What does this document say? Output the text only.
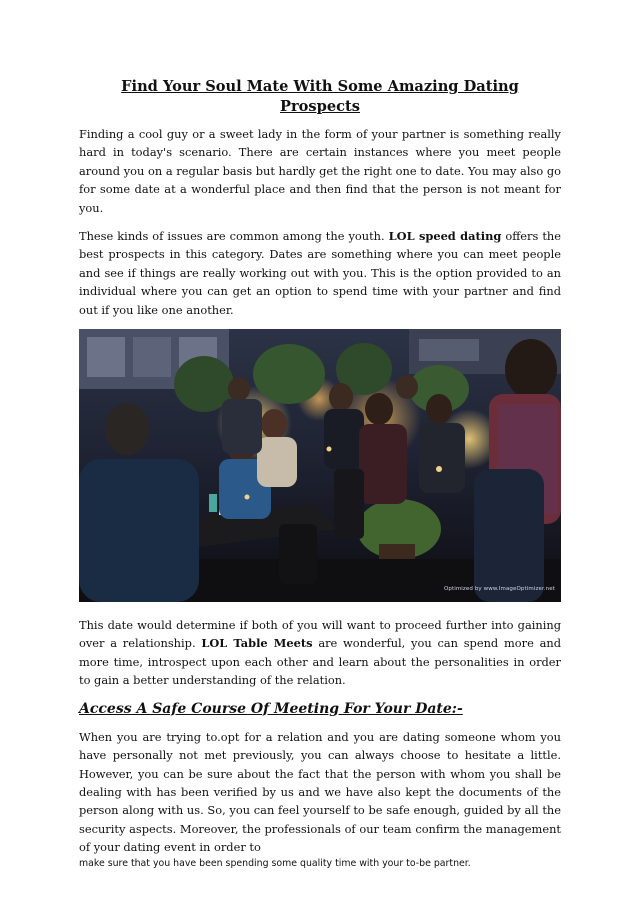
Find Your Soul Mate With Some Amazing Dating Prospects

Finding a cool guy or a sweet lady in the form of your partner is something really hard in today's scenario. There are certain instances where you meet people around you on a regular basis but hardly get the right one to date. You may also go for some date at a wonderful place and then find that the person is not meant for you.

These kinds of issues are common among the youth. LOL speed dating offers the best prospects in this category. Dates are something where you can meet people and see if things are really working out with you. This is the option provided to an individual where you can get an option to spend time with your partner and find out if you like one another.

Optimized by www.ImageOptimizer.net

This date would determine if both of you will want to proceed further into gaining over a relationship. LOL Table Meets are wonderful, you can spend more and more time, introspect upon each other and learn about the personalities in order to gain a better understanding of the relation.

Access A Safe Course Of Meeting For Your Date:-

When you are trying to.opt for a relation and you are dating someone whom you have personally not met previously, you can always choose to hesitate a little. However, you can be sure about the fact that the person with whom you shall be dealing with has been verified by us and we have also kept the documents of the person along with us. So, you can feel yourself to be safe enough, guided by all the security aspects. Moreover, the professionals of our team confirm the management of your dating event in order to

make sure that you have been spending some quality time with your to-be partner.
